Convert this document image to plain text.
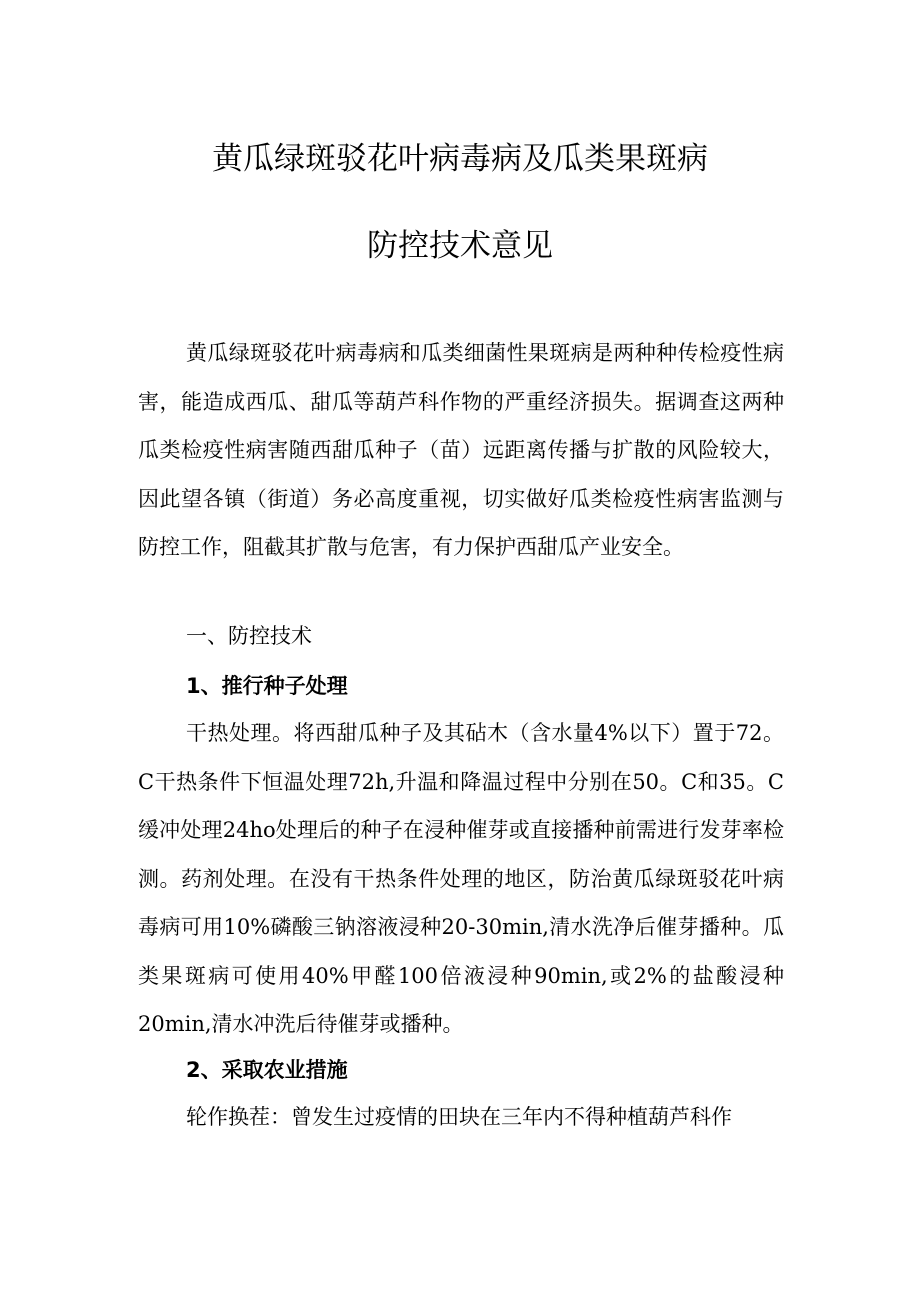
黄瓜绿斑驳花叶病毒病及瓜类果斑病
防控技术意见
黄瓜绿斑驳花叶病毒病和瓜类细菌性果斑病是两种种传检疫性病害，能造成西瓜、甜瓜等葫芦科作物的严重经济损失。据调查这两种瓜类检疫性病害随西甜瓜种子（苗）远距离传播与扩散的风险较大，因此望各镇（街道）务必高度重视，切实做好瓜类检疫性病害监测与防控工作，阻截其扩散与危害，有力保护西甜瓜产业安全。
一、防控技术
1、推行种子处理
干热处理。将西甜瓜种子及其砧木（含水量4%以下）置于72。C干热条件下恒温处理72h,升温和降温过程中分别在50。C和35。C缓冲处理24ho处理后的种子在浸种催芽或直接播种前需进行发芽率检测。药剂处理。在没有干热条件处理的地区，防治黄瓜绿斑驳花叶病毒病可用10%磷酸三钠溶液浸种20-30min,清水洗净后催芽播种。瓜类果斑病可使用40%甲醛100倍液浸种90min,或2%的盐酸浸种20min,清水冲洗后待催芽或播种。
2、采取农业措施
轮作换茬：曾发生过疫情的田块在三年内不得种植葫芦科作
